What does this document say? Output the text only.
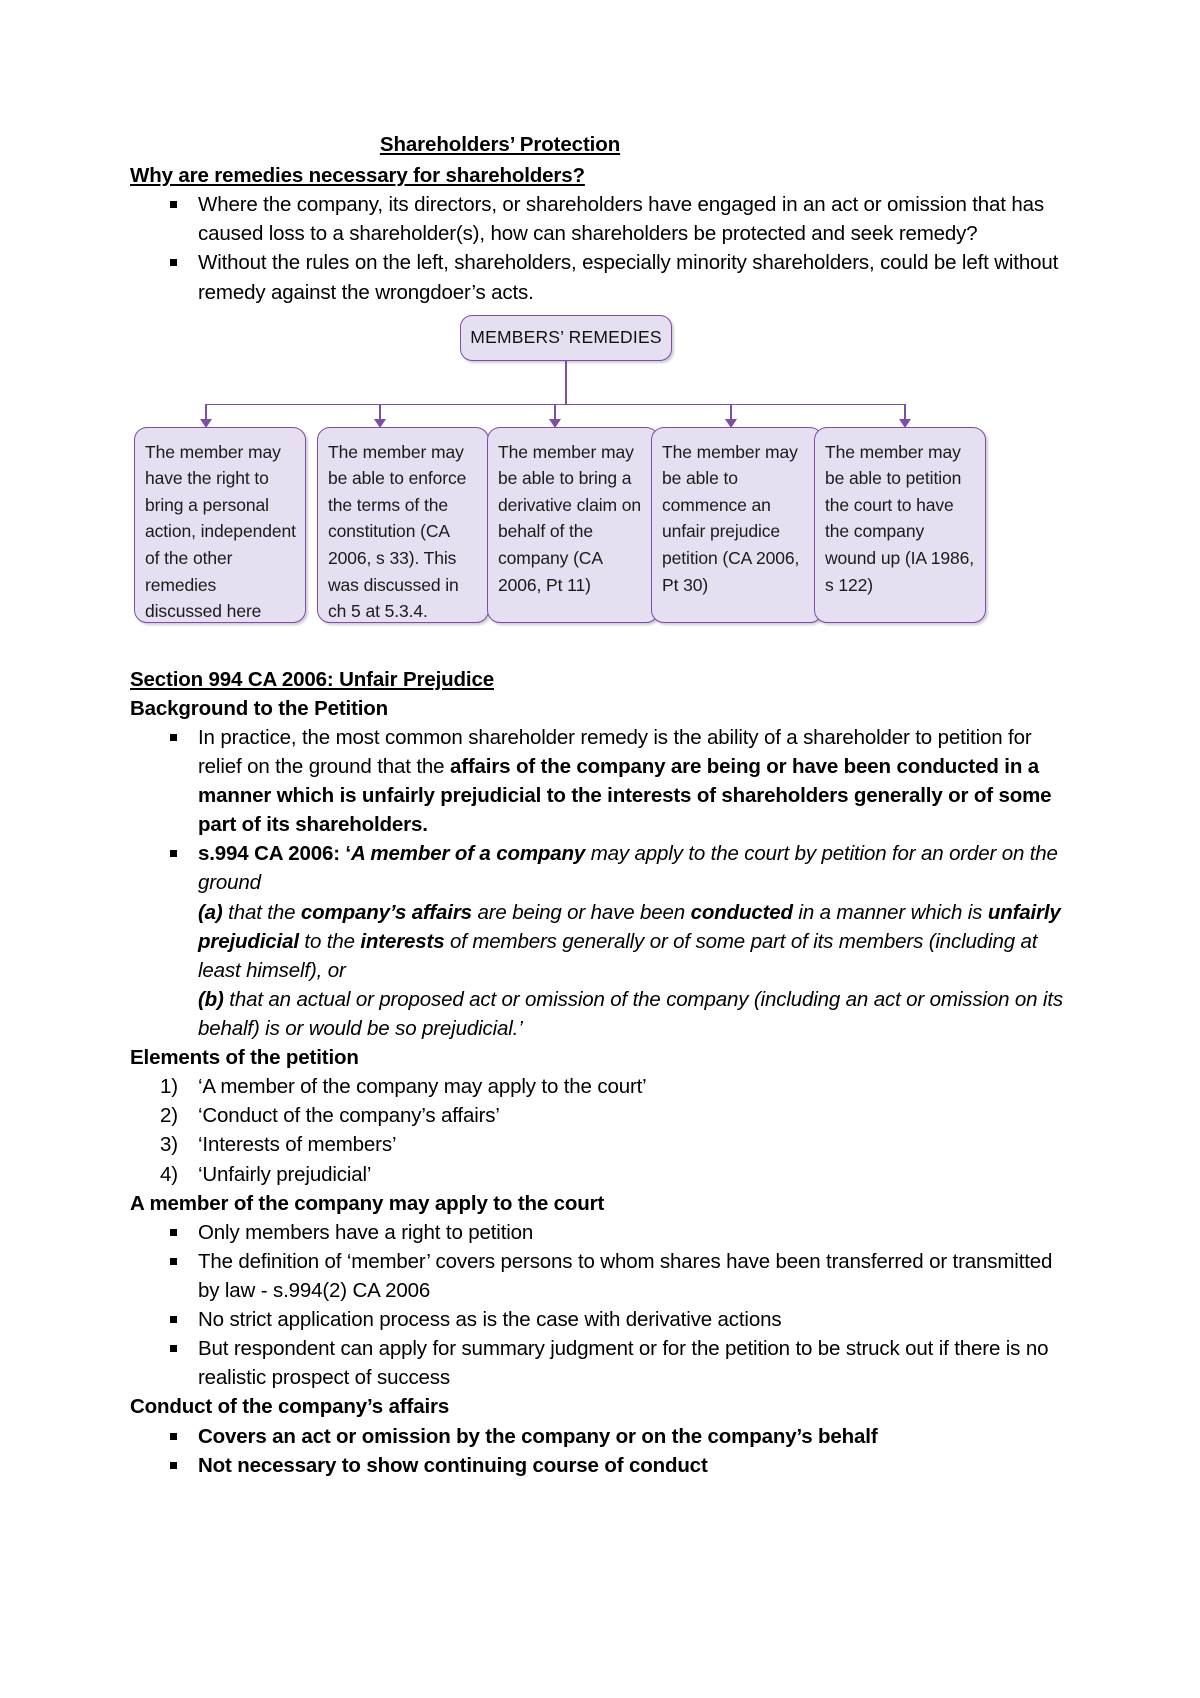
Shareholders’ Protection
Why are remedies necessary for shareholders?
Where the company, its directors, or shareholders have engaged in an act or omission that has caused loss to a shareholder(s), how can shareholders be protected and seek remedy?
Without the rules on the left, shareholders, especially minority shareholders, could be left without remedy against the wrongdoer’s acts.
MEMBERS’ REMEDIES

The member may have the right to bring a personal action, independent of the other remedies discussed here

The member may be able to enforce the terms of the constitution (CA 2006, s 33). This was discussed in ch 5 at 5.3.4.

The member may be able to bring a derivative claim on behalf of the company (CA 2006, Pt 11)

The member may be able to commence an unfair prejudice petition (CA 2006, Pt 30)

The member may be able to petition the court to have the company wound up (IA 1986, s 122)

Section 994 CA 2006: Unfair Prejudice
Background to the Petition
In practice, the most common shareholder remedy is the ability of a shareholder to petition for relief on the ground that the affairs of the company are being or have been conducted in a manner which is unfairly prejudicial to the interests of shareholders generally or of some part of its shareholders.
s.994 CA 2006: ‘A member of a company may apply to the court by petition for an order on the ground
(a) that the company’s affairs are being or have been conducted in a manner which is unfairly prejudicial to the interests of members generally or of some part of its members (including at least himself), or
(b) that an actual or proposed act or omission of the company (including an act or omission on its behalf) is or would be so prejudicial.’
Elements of the petition
‘A member of the company may apply to the court’
‘Conduct of the company’s affairs’
‘Interests of members’
‘Unfairly prejudicial’
A member of the company may apply to the court
Only members have a right to petition
The definition of ‘member’ covers persons to whom shares have been transferred or transmitted by law - s.994(2) CA 2006
No strict application process as is the case with derivative actions
But respondent can apply for summary judgment or for the petition to be struck out if there is no realistic prospect of success
Conduct of the company’s affairs
Covers an act or omission by the company or on the company’s behalf
Not necessary to show continuing course of conduct
